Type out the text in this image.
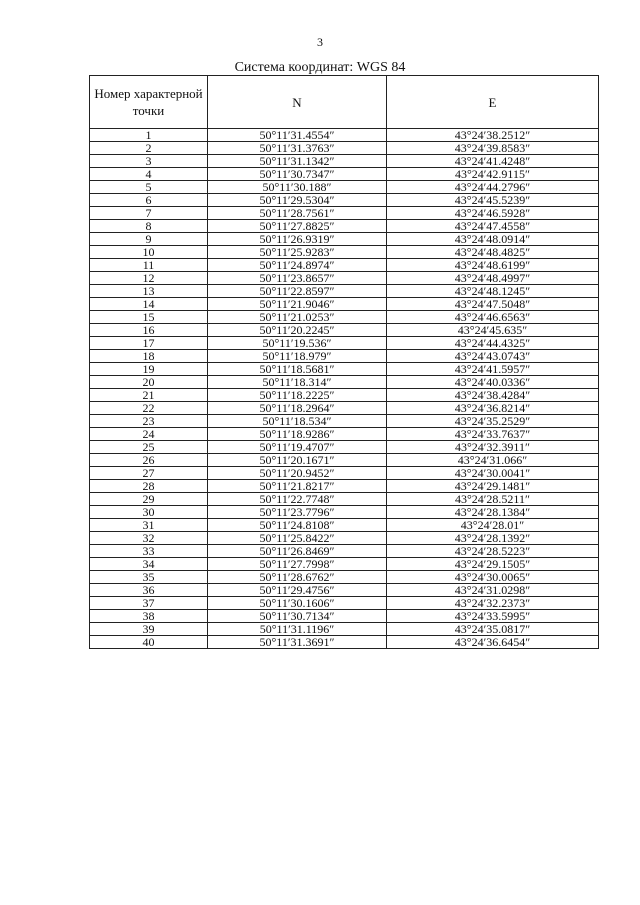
3
Система координат: WGS 84
Номер характерной точки	N	E
1	50°11′31.4554″	43°24′38.2512″
2	50°11′31.3763″	43°24′39.8583″
3	50°11′31.1342″	43°24′41.4248″
4	50°11′30.7347″	43°24′42.9115″
5	50°11′30.188″	43°24′44.2796″
6	50°11′29.5304″	43°24′45.5239″
7	50°11′28.7561″	43°24′46.5928″
8	50°11′27.8825″	43°24′47.4558″
9	50°11′26.9319″	43°24′48.0914″
10	50°11′25.9283″	43°24′48.4825″
11	50°11′24.8974″	43°24′48.6199″
12	50°11′23.8657″	43°24′48.4997″
13	50°11′22.8597″	43°24′48.1245″
14	50°11′21.9046″	43°24′47.5048″
15	50°11′21.0253″	43°24′46.6563″
16	50°11′20.2245″	43°24′45.635″
17	50°11′19.536″	43°24′44.4325″
18	50°11′18.979″	43°24′43.0743″
19	50°11′18.5681″	43°24′41.5957″
20	50°11′18.314″	43°24′40.0336″
21	50°11′18.2225″	43°24′38.4284″
22	50°11′18.2964″	43°24′36.8214″
23	50°11′18.534″	43°24′35.2529″
24	50°11′18.9286″	43°24′33.7637″
25	50°11′19.4707″	43°24′32.3911″
26	50°11′20.1671″	43°24′31.066″
27	50°11′20.9452″	43°24′30.0041″
28	50°11′21.8217″	43°24′29.1481″
29	50°11′22.7748″	43°24′28.5211″
30	50°11′23.7796″	43°24′28.1384″
31	50°11′24.8108″	43°24′28.01″
32	50°11′25.8422″	43°24′28.1392″
33	50°11′26.8469″	43°24′28.5223″
34	50°11′27.7998″	43°24′29.1505″
35	50°11′28.6762″	43°24′30.0065″
36	50°11′29.4756″	43°24′31.0298″
37	50°11′30.1606″	43°24′32.2373″
38	50°11′30.7134″	43°24′33.5995″
39	50°11′31.1196″	43°24′35.0817″
40	50°11′31.3691″	43°24′36.6454″
